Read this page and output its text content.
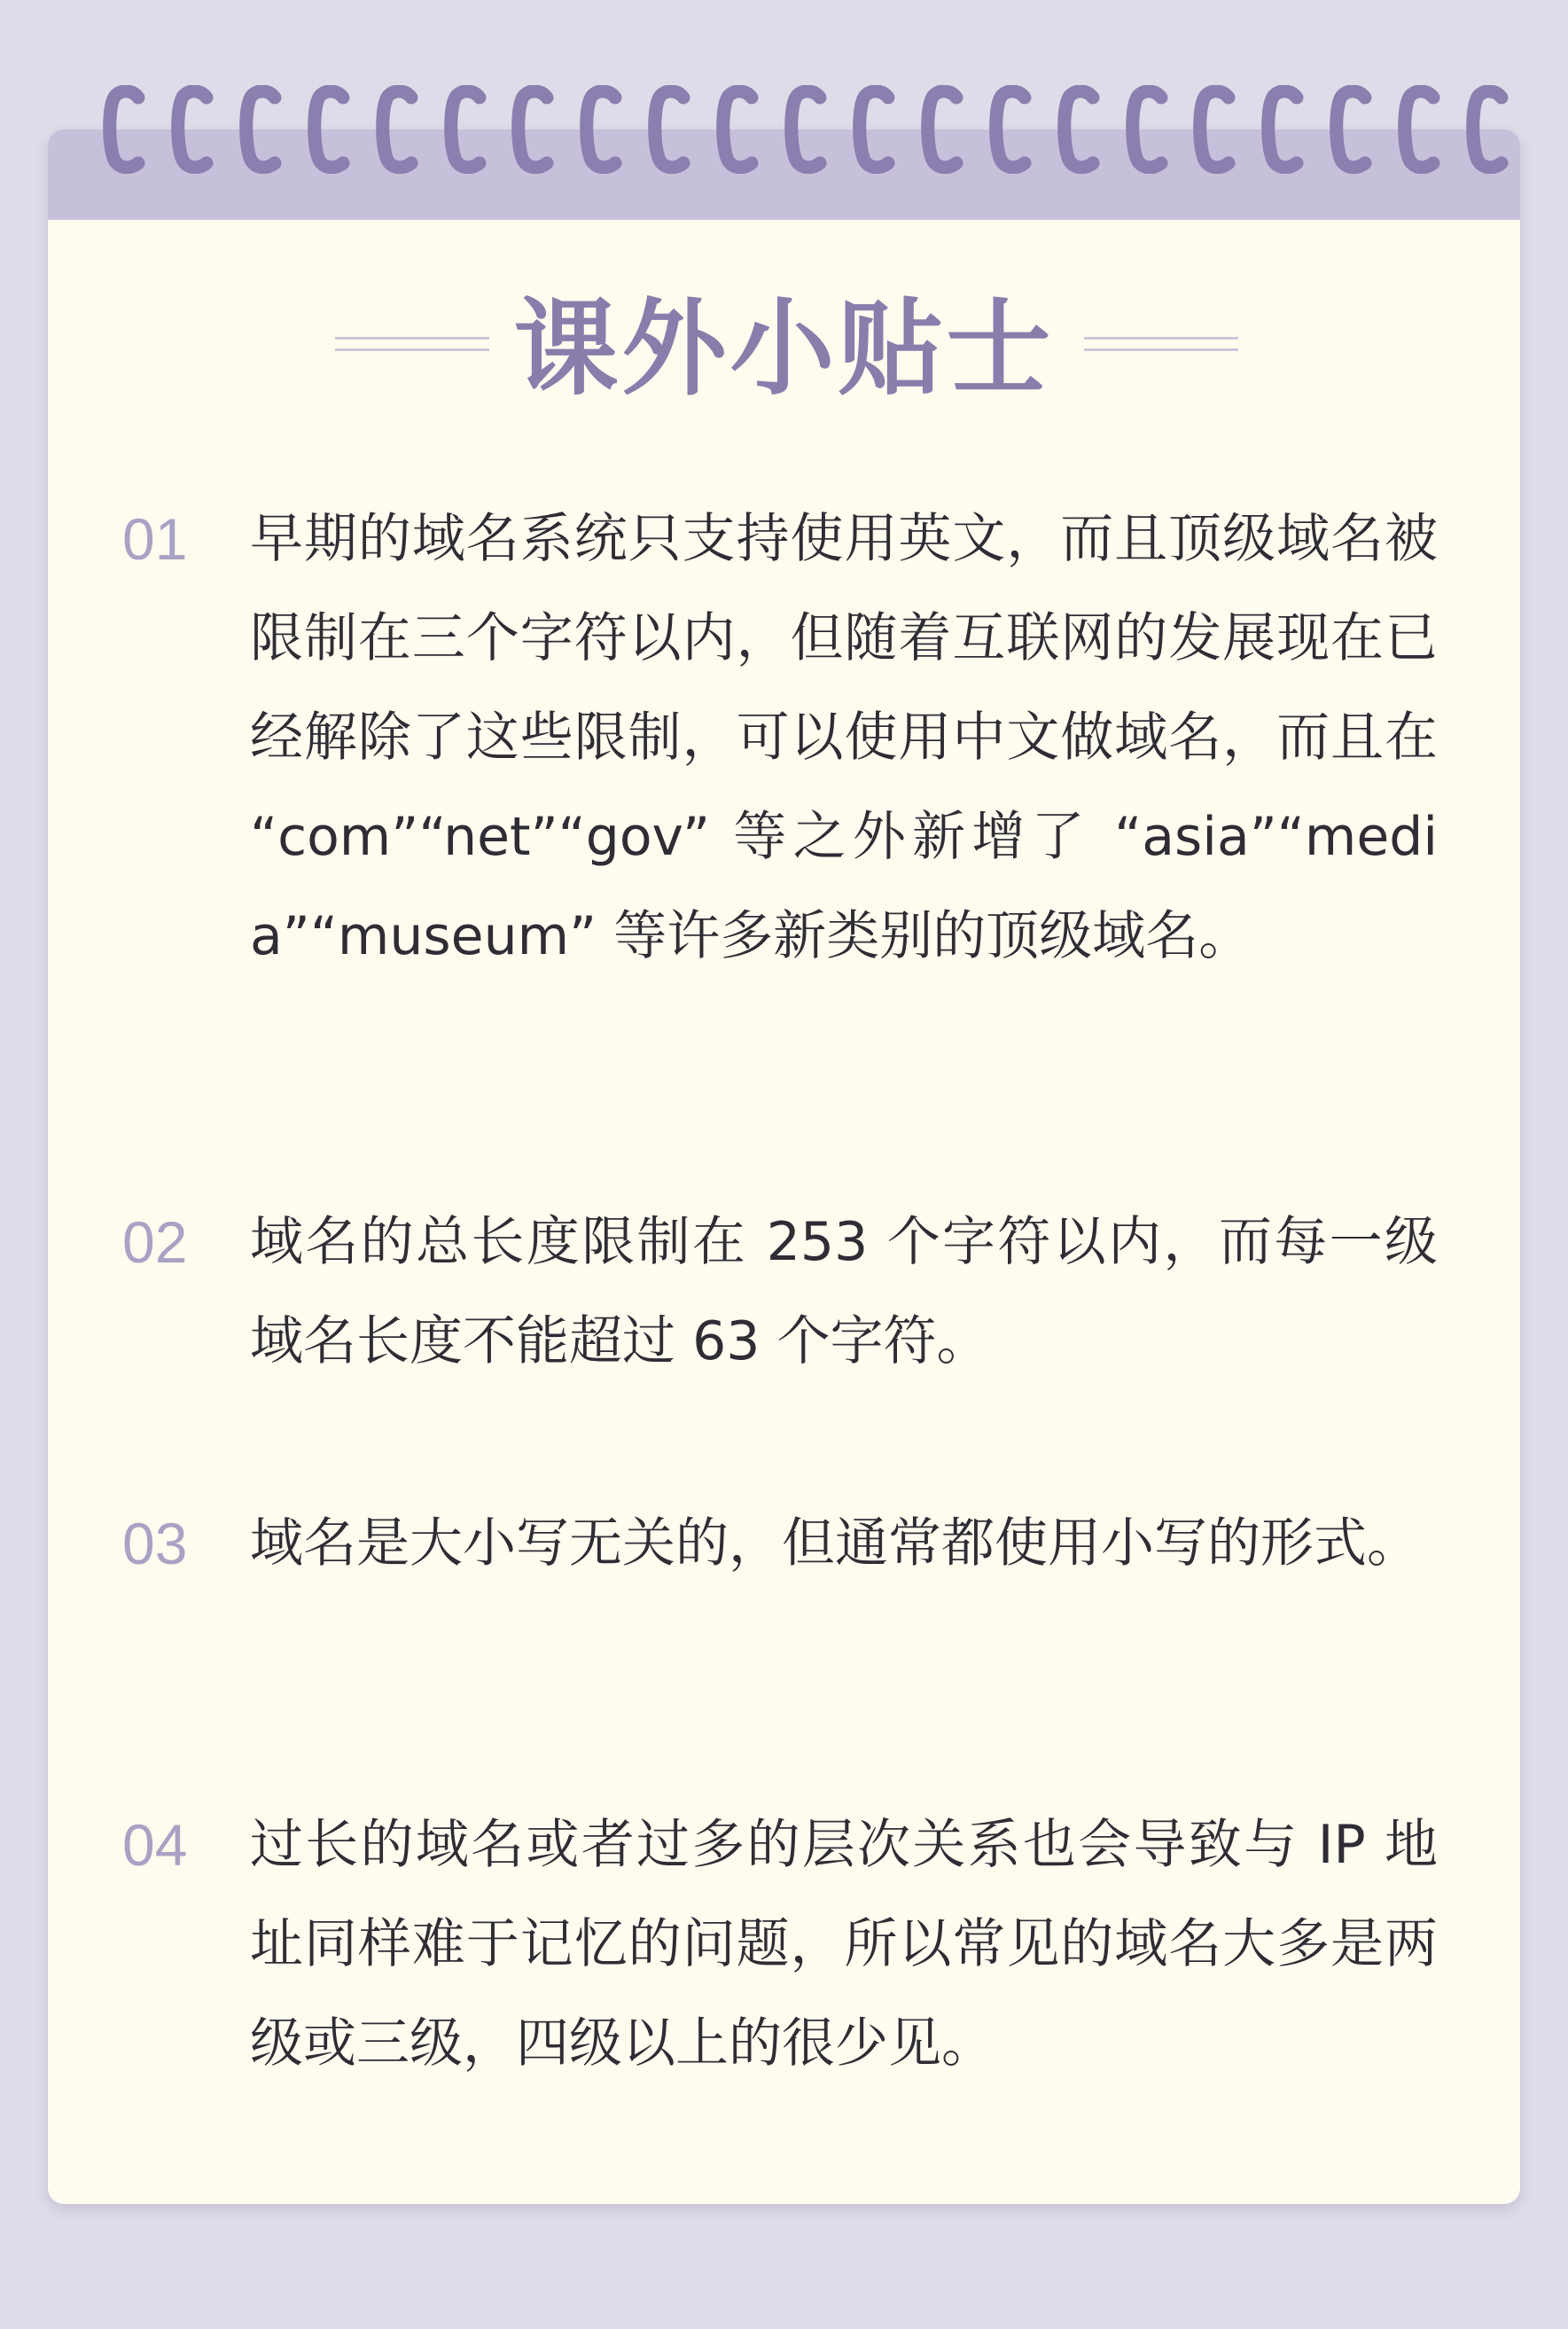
课外小贴士
01	早期的域名系统只支持使用英文，而且顶级域名被限制在三个字符以内，但随着互联网的发展现在已经解除了这些限制，可以使用中文做域名，而且在 “com”“net”“gov” 等之外新增了 “asia”“media”“museum” 等许多新类别的顶级域名。
02	域名的总长度限制在 253 个字符以内，而每一级域名长度不能超过 63 个字符。
03	域名是大小写无关的，但通常都使用小写的形式。
04	过长的域名或者过多的层次关系也会导致与 IP 地址同样难于记忆的问题，所以常见的域名大多是两级或三级，四级以上的很少见。
